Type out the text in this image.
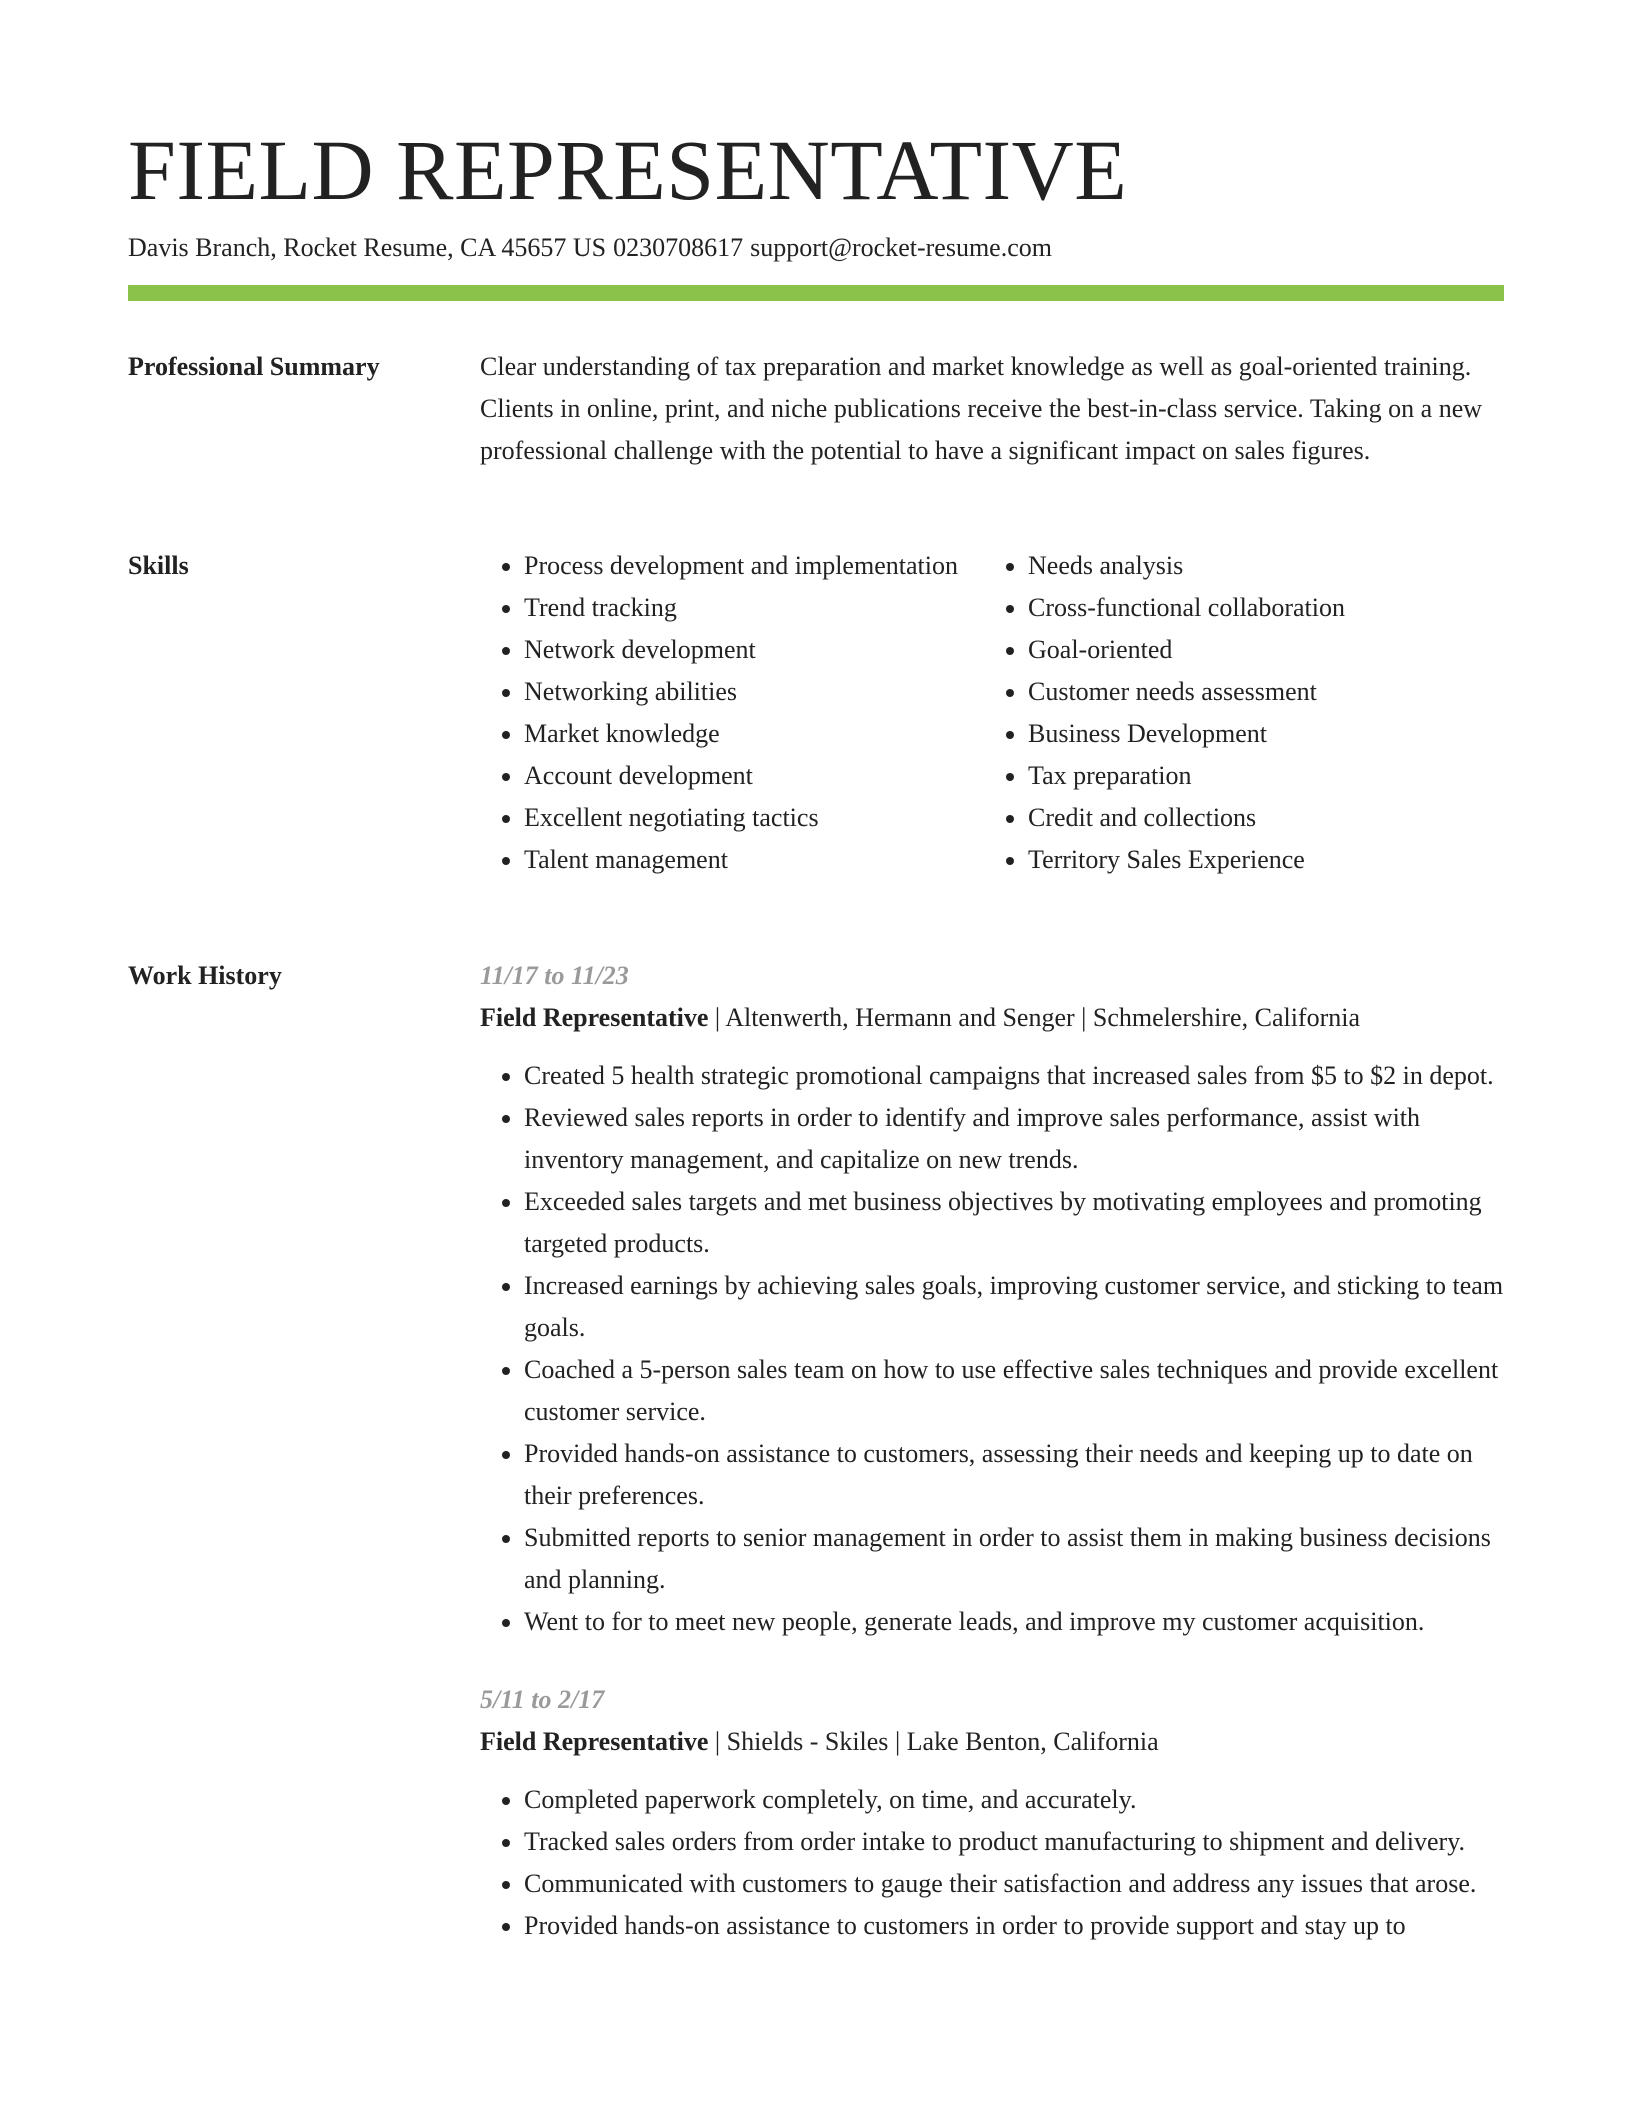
FIELD REPRESENTATIVE
Davis Branch, Rocket Resume, CA 45657 US 0230708617 support@rocket-resume.com
Professional Summary	Clear understanding of tax preparation and market knowledge as well as goal-oriented training. Clients in online, print, and niche publications receive the best-in-class service. Taking on a new professional challenge with the potential to have a significant impact on sales figures.

Skills
•	Process development and implementation
• Trend tracking
• Network development
• Networking abilities
• Market knowledge
• Account development
• Excellent negotiating tactics
• Talent management
• Needs analysis
• Cross-functional collaboration
• Goal-oriented
• Customer needs assessment
• Business Development
• Tax preparation
• Credit and collections
• Territory Sales Experience
Work History	11/17 to 11/23

Field Representative | Altenwerth, Hermann and Senger | Schmelershire, California

• Created 5 health strategic promotional campaigns that increased sales from $5 to $2 in depot.
• Reviewed sales reports in order to identify and improve sales performance, assist with inventory management, and capitalize on new trends.
• Exceeded sales targets and met business objectives by motivating employees and promoting targeted products.
• Increased earnings by achieving sales goals, improving customer service, and sticking to team goals.
• Coached a 5-person sales team on how to use effective sales techniques and provide excellent customer service.
• Provided hands-on assistance to customers, assessing their needs and keeping up to date on their preferences.
• Submitted reports to senior management in order to assist them in making business decisions and planning.
• Went to for to meet new people, generate leads, and improve my customer acquisition.

5/11 to 2/17

Field Representative | Shields - Skiles | Lake Benton, California

• Completed paperwork completely, on time, and accurately.
• Tracked sales orders from order intake to product manufacturing to shipment and delivery.
• Communicated with customers to gauge their satisfaction and address any issues that arose.
• Provided hands-on assistance to customers in order to provide support and stay up to
